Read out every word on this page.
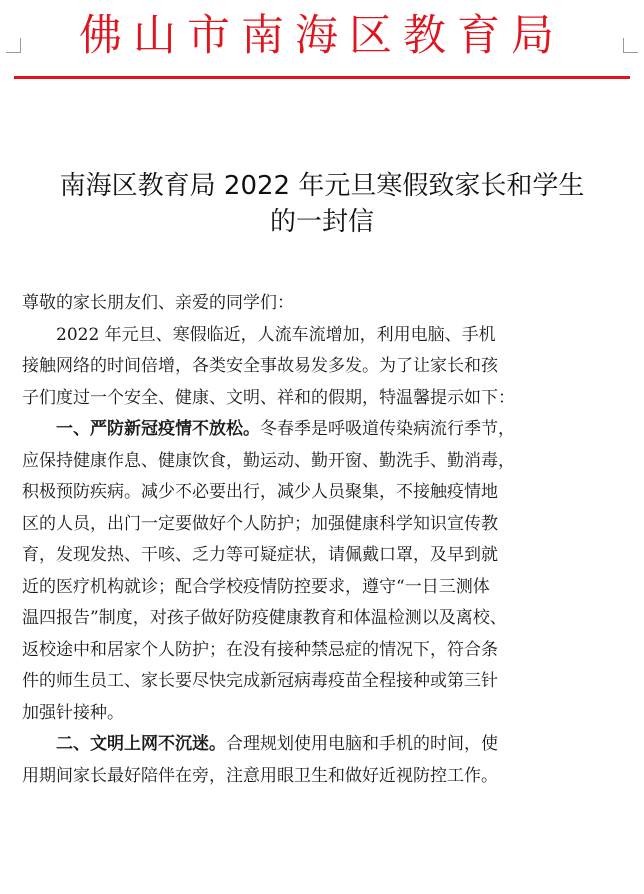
佛山市南海区教育局
南海区教育局 2022 年元旦寒假致家长和学生
的一封信

尊敬的家长朋友们、亲爱的同学们：

2022 年元旦、寒假临近，人流车流增加，利用电脑、手机
接触网络的时间倍增，各类安全事故易发多发。为了让家长和孩
子们度过一个安全、健康、文明、祥和的假期，特温馨提示如下：

一、严防新冠疫情不放松。冬春季是呼吸道传染病流行季节，
应保持健康作息、健康饮食，勤运动、勤开窗、勤洗手、勤消毒，
积极预防疾病。减少不必要出行，减少人员聚集，不接触疫情地
区的人员，出门一定要做好个人防护；加强健康科学知识宣传教
育，发现发热、干咳、乏力等可疑症状，请佩戴口罩，及早到就
近的医疗机构就诊；配合学校疫情防控要求，遵守“一日三测体
温四报告”制度，对孩子做好防疫健康教育和体温检测以及离校、
返校途中和居家个人防护；在没有接种禁忌症的情况下，符合条
件的师生员工、家长要尽快完成新冠病毒疫苗全程接种或第三针
加强针接种。

二、文明上网不沉迷。合理规划使用电脑和手机的时间，使
用期间家长最好陪伴在旁，注意用眼卫生和做好近视防控工作。
